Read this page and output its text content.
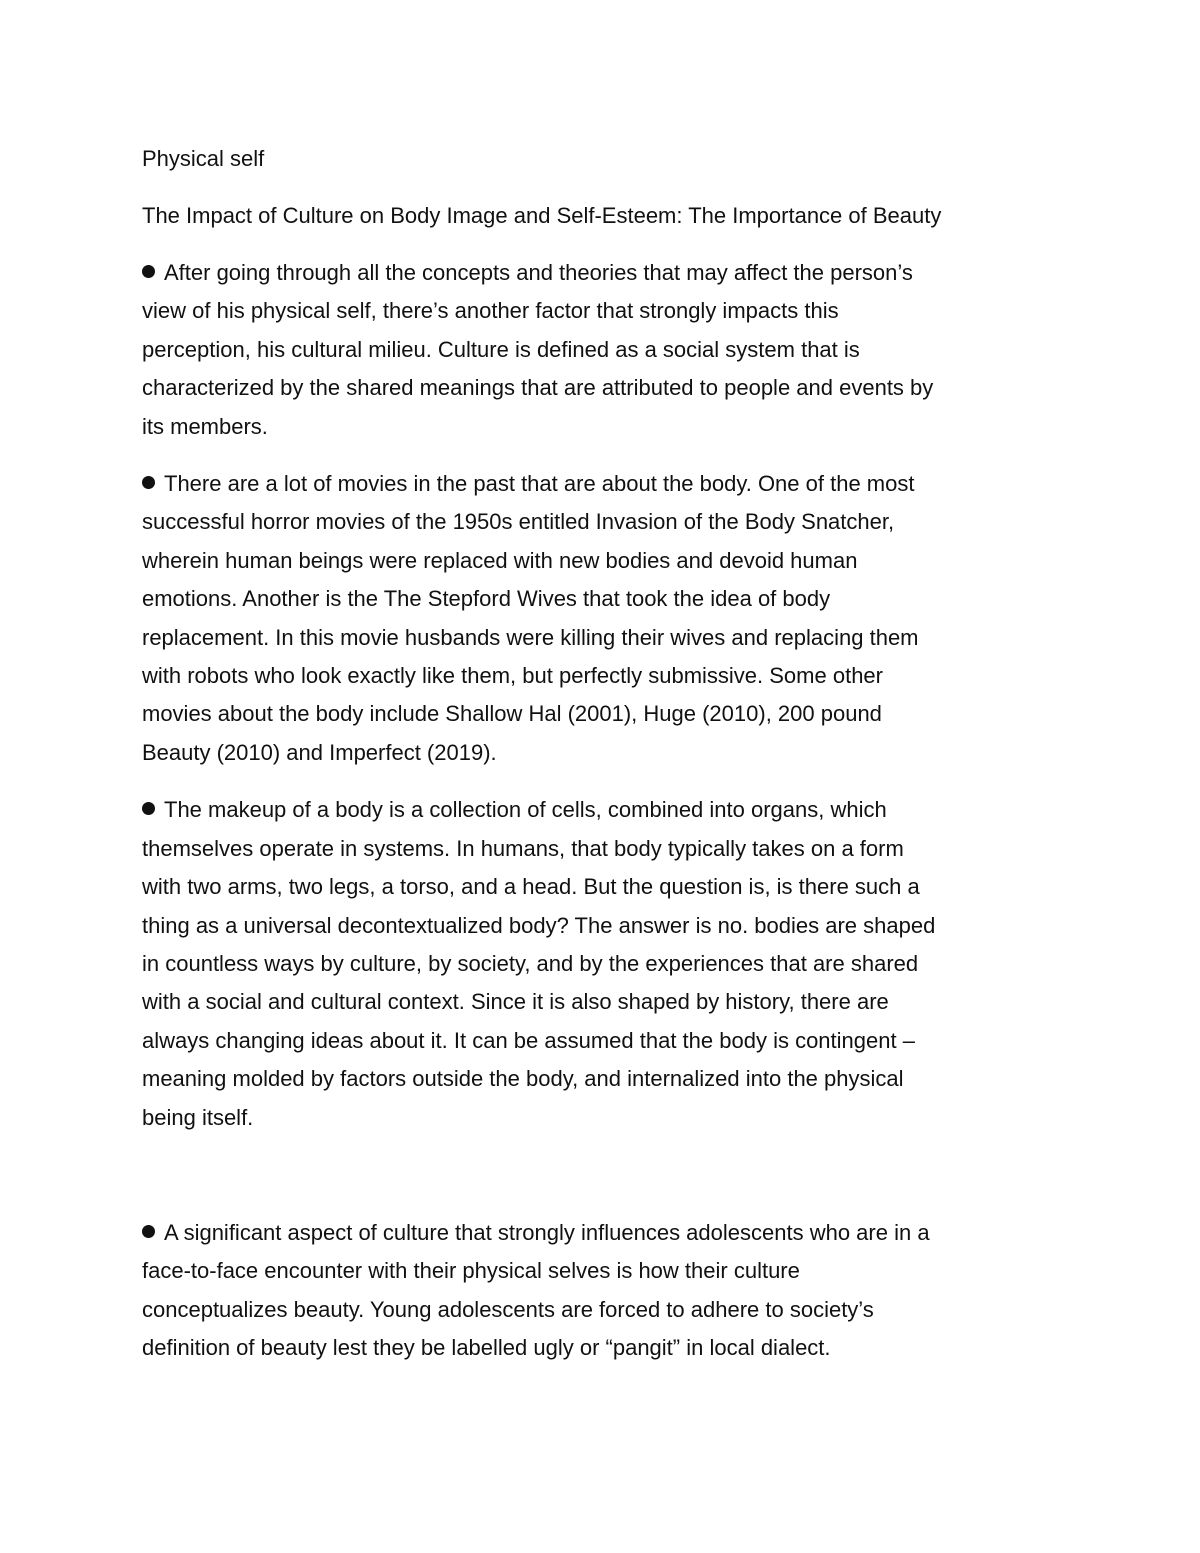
Physical self
The Impact of Culture on Body Image and Self-Esteem: The Importance of Beauty
After going through all the concepts and theories that may affect the person’s
view of his physical self, there’s another factor that strongly impacts this
perception, his cultural milieu. Culture is defined as a social system that is
characterized by the shared meanings that are attributed to people and events by
its members.
There are a lot of movies in the past that are about the body. One of the most
successful horror movies of the 1950s entitled Invasion of the Body Snatcher,
wherein human beings were replaced with new bodies and devoid human
emotions. Another is the The Stepford Wives that took the idea of body
replacement. In this movie husbands were killing their wives and replacing them
with robots who look exactly like them, but perfectly submissive. Some other
movies about the body include Shallow Hal (2001), Huge (2010), 200 pound
Beauty (2010) and Imperfect (2019).
The makeup of a body is a collection of cells, combined into organs, which
themselves operate in systems. In humans, that body typically takes on a form
with two arms, two legs, a torso, and a head. But the question is, is there such a
thing as a universal decontextualized body? The answer is no. bodies are shaped
in countless ways by culture, by society, and by the experiences that are shared
with a social and cultural context. Since it is also shaped by history, there are
always changing ideas about it. It can be assumed that the body is contingent –
meaning molded by factors outside the body, and internalized into the physical
being itself.
A significant aspect of culture that strongly influences adolescents who are in a
face-to-face encounter with their physical selves is how their culture
conceptualizes beauty. Young adolescents are forced to adhere to society’s
definition of beauty lest they be labelled ugly or “pangit” in local dialect.
